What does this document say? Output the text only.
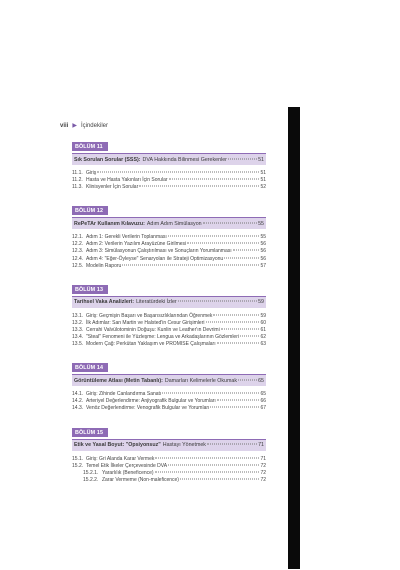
viii ▶ İçindekiler
BÖLÜM 11
Sık Sorulan Sorular (SSS): DVA Hakkında Bilinmesi Gerekenler	51
11.1. Giriş	51
11.2. Hasta ve Hasta Yakınları İçin Sorular	51
11.3. Klinisyenler İçin Sorular	52
BÖLÜM 12
RePeTAr Kullanım Kılavuzu: Adım Adım Simülasyon	55
12.1. Adım 1: Gerekli Verilerin Toplanması	55
12.2. Adım 2: Verilerin Yazılım Arayüzüne Girilmesi	56
12.3. Adım 3: Simülasyonun Çalıştırılması ve Sonuçların Yorumlanması	56
12.4. Adım 4: "Eğer-Öyleyse" Senaryoları ile Strateji Optimizasyonu	56
12.5. Modelin Raporu	57
BÖLÜM 13
Tarihsel Vaka Analizleri: Literatürdeki İzler	59
13.1. Giriş: Geçmişin Başarı ve Başarısızlıklarından Öğrenmek	59
13.2. İlk Adımlar: San Martin ve Halsted'in Cesur Girişimleri	60
13.3. Cerrahi Valvülotominin Doğuşu: Kunlin ve Leather'ın Devrimi	61
13.4. "Steal" Fenomeni ile Yüzleşme: Lengua ve Arkadaşlarının Gözlemleri	62
13.5. Modern Çağ: Perkütan Yaklaşım ve PROMISE Çalışmaları	63
BÖLÜM 14
Görüntüleme Atlası (Metin Tabanlı): Damarları Kelimelerle Okumak	65
14.1. Giriş: Zihinde Canlandırma Sanatı	65
14.2. Arteriyel Değerlendirme: Anjiyografik Bulgular ve Yorumları	66
14.3. Venöz Değerlendirme: Venografik Bulgular ve Yorumları	67
BÖLÜM 15
Etik ve Yasal Boyut: "Opsiyonsuz" Hastayı Yönetmek	71
15.1. Giriş: Gri Alanda Karar Vermek	71
15.2. Temel Etik İlkeler Çerçevesinde DVA	72
15.2.1. Yararlılık (Beneficence)	72
15.2.2. Zarar Vermeme (Non-maleficence)	72
